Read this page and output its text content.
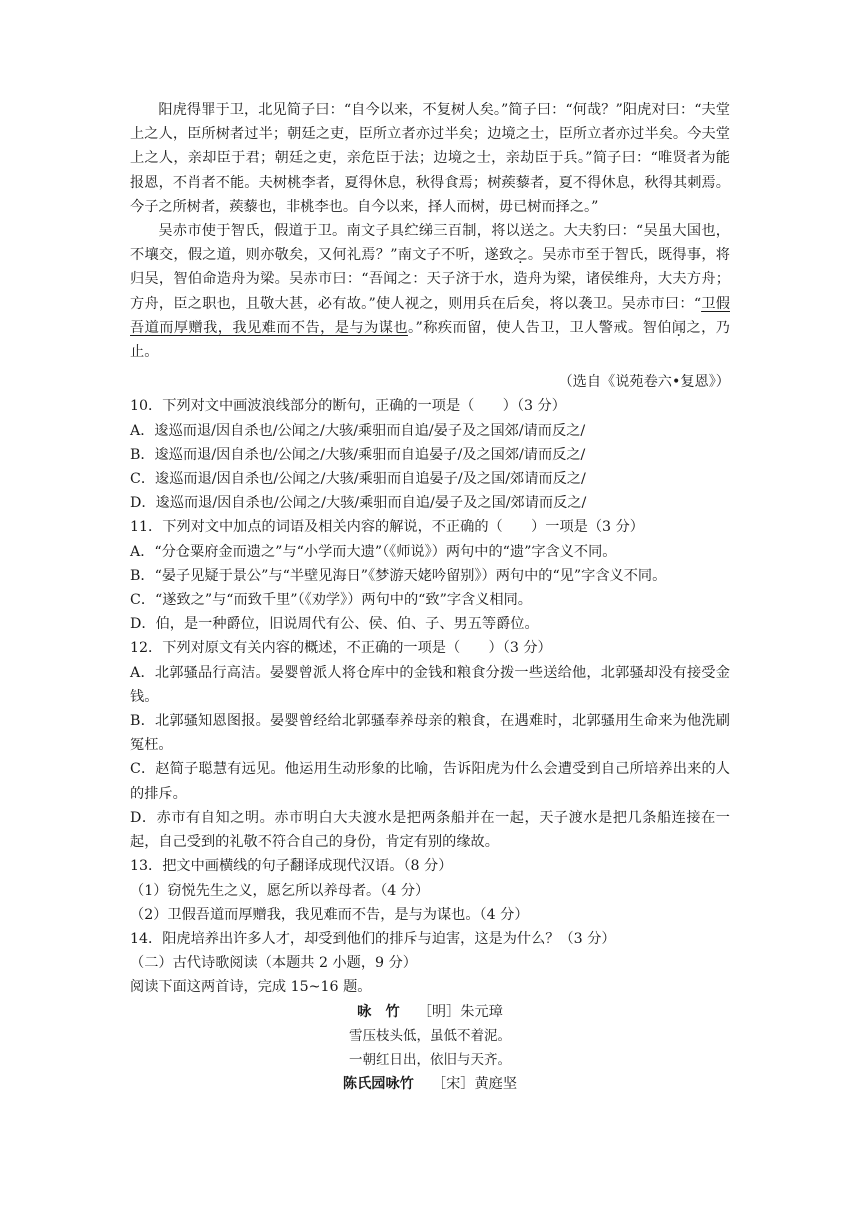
阳虎得罪于卫，北见简子曰：“自今以来，不复树人矣。”简子曰：“何哉？”阳虎对曰：“夫堂上之人，臣所树者过半；朝廷之吏，臣所立者亦过半矣；边境之士，臣所立者亦过半矣。今夫堂上之人，亲却臣于君；朝廷之吏，亲危臣于法；边境之士，亲劫臣于兵。”简子曰：“唯贤者为能报恩，不肖者不能。夫树桃李者，夏得休息，秋得食焉；树蒺藜者，夏不得休息，秋得其刺焉。今子之所树者，蒺藜也，非桃李也。自今以来，择人而树，毋已树而择之。”

吴赤市使于智氏，假道于卫。南文子具纻绨三百制，将以送之。大夫豹曰：“吴虽大国也，不壤交，假之道，则亦敬矣，又何礼焉？”南文子不听，遂致之。吴赤市至于智氏，既得事，将归吴，智伯命造舟为梁。吴赤市曰：“吾闻之：天子济于水，造舟为梁，诸侯维舟，大夫方舟；方舟，臣之职也，且敬大甚，必有故。”使人视之，则用兵在后矣，将以袭卫。吴赤市曰：“卫假吾道而厚赠我，我见难而不告，是与为谋也。”称疾而留，使人告卫，卫人警戒。智伯闻之，乃止。

（选自《说苑卷六•复恩》）

10．下列对文中画波浪线部分的断句，正确的一项是（　　）（3 分）

A．逡巡而退/因自杀也/公闻之/大骇/乘驲而自追/晏子及之国郊/请而反之/

B．逡巡而退/因自杀也/公闻之/大骇/乘驲而自追晏子/及之国郊/请而反之/

C．逡巡而退/因自杀也/公闻之/大骇/乘驲而自追晏子/及之国/郊请而反之/

D．逡巡而退/因自杀也/公闻之/大骇/乘驲而自追/晏子及之国/郊请而反之/

11．下列对文中加点的词语及相关内容的解说，不正确的（　　）一项是（3 分）

A．“分仓粟府金而遗之”与“小学而大遗”（《师说》）两句中的“遗”字含义不同。

B．“晏子见疑于景公”与“半壁见海日”《梦游天姥吟留别》）两句中的“见”字含义不同。

C．“遂致之”与“而致千里”（《劝学》）两句中的“致”字含义相同。

D．伯，是一种爵位，旧说周代有公、侯、伯、子、男五等爵位。

12．下列对原文有关内容的概述，不正确的一项是（　　）（3 分）

A．北郭骚品行高洁。晏婴曾派人将仓库中的金钱和粮食分拨一些送给他，北郭骚却没有接受金钱。

B．北郭骚知恩图报。晏婴曾经给北郭骚奉养母亲的粮食，在遇难时，北郭骚用生命来为他洗刷冤枉。

C．赵简子聪慧有远见。他运用生动形象的比喻，告诉阳虎为什么会遭受到自己所培养出来的人的排斥。

D．赤市有自知之明。赤市明白大夫渡水是把两条船并在一起，天子渡水是把几条船连接在一起，自己受到的礼敬不符合自己的身份，肯定有别的缘故。

13．把文中画横线的句子翻译成现代汉语。（8 分）

（1）窃悦先生之义，愿乞所以养母者。（4 分）

（2）卫假吾道而厚赠我，我见难而不告，是与为谋也。（4 分）

14．阳虎培养出许多人才，却受到他们的排斥与迫害，这是为什么？（3 分）

（二）古代诗歌阅读（本题共 2 小题，9 分）

阅读下面这两首诗，完成 15~16 题。

咏　竹 ［明］朱元璋

雪压枝头低，虽低不着泥。

一朝红日出，依旧与天齐。

陈氏园咏竹 ［宋］黄庭坚
